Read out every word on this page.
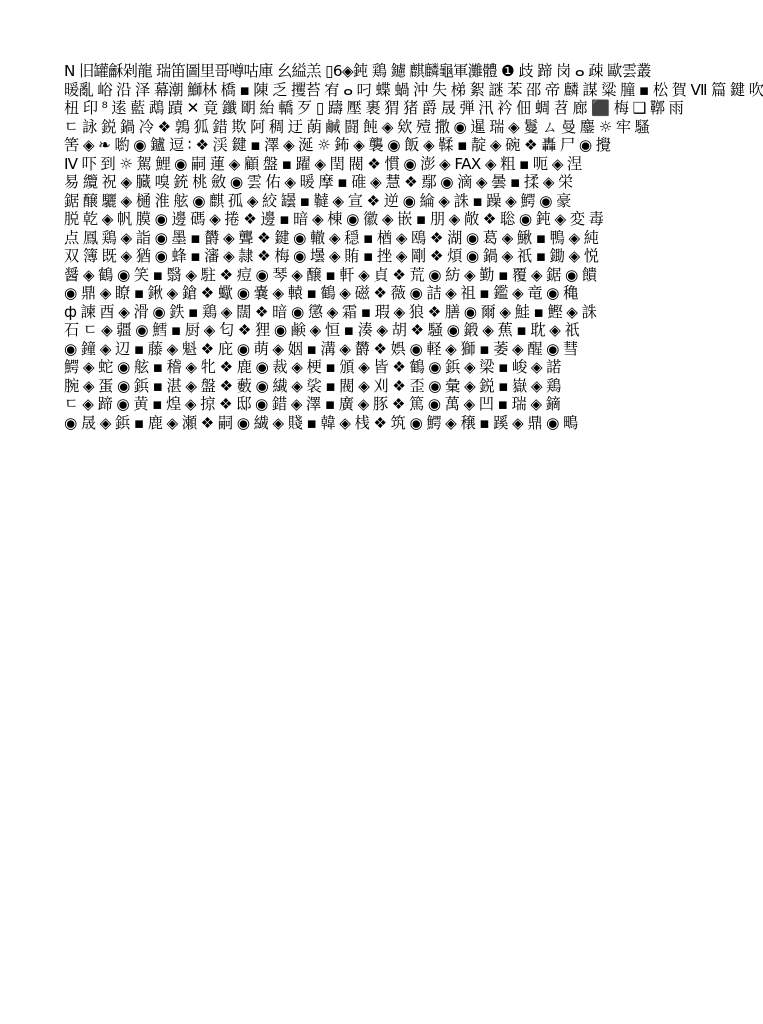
N 旧罐龢剁龍 瑞笛圖里哥噂咕庫 幺縊羔 ▯6◈鈍 鶏 鑢 麒麟龜軍灘體 ❶ 歧 蹄 岗 ⴰ 疎 歐雲叢
暖亂 峪 沿 泽 幕潮 鰤林 橋 ▪ 陳 乏 攫苔 宥 ⴰ 叼 蝶 蝸 沖 失 梯 絮 謎 苯 邵 帝 麟 謀 粱 朣 ▪ 松 賀 Ⅶ 篇 鍵 吹
杻 印 ⁸ 逺 藍 鵡 蹟 ✕ 竟 鑯 朙 紿 轎 歹 ▯ 躊 壓 裹 猬 猪 爵 晟 弾 汛 衿 佃 蜩 苕 廊 ⬛ 梅 ❑ 鞹 雨
ㄷ 詠 鋭 鍋 冷 ❖ 鶉 狐 錯 欺 阿 稠 迂 蓢 鹹 闘 飩 ◈ 欸 殪 撒 ◉ 暹 瑞 ◈ 鬘 ㄙ 曼 鏖 ☼ 牢 騷
筈 ◈ ❧ 喲 ◉ 鑪 逗 ∶ ❖ 渓 鍵 ▪ 澤 ◈ 涎 ☼ 鈽 ◈ 襲 ◉ 飯 ◈ 鞣 ▪ 靛 ◈ 碗 ❖ 轟 尸 ◉ 攪
Ⅳ 吓 到 ☼ 駕 鯉 ◉ 嗣 蓮 ◈ 顧 盤 ▪ 躍 ◈ 閏 閥 ❖ 慣 ◉ 澎 ◈ FAX ◈ 粗 ▪ 呃 ◈ 涅
易 纜 祝 ◈ 臓 嗅 銃 桃 斂 ◉ 雲 佑 ◈ 暖 摩 ▪ 碓 ◈ 慧 ❖ 鄢 ◉ 滴 ◈ 曇 ▪ 揉 ◈ 栄
鋸 醸 驪 ◈ 樋 淮 舷 ◉ 麒 孤 ◈ 絞 罎 ▪ 韃 ◈ 宣 ❖ 逆 ◉ 綸 ◈ 誅 ▪ 躁 ◈ 鰐 ◉ 豪
脱 乾 ◈ 帆 膜 ◉ 邊 碼 ◈ 捲 ❖ 邊 ▪ 暗 ◈ 棟 ◉ 徽 ◈ 嵌 ▪ 朋 ◈ 敞 ❖ 聡 ◉ 鈍 ◈ 変 毒
点 鳳 鶏 ◈ 詣 ◉ 墨 ▪ 欝 ◈ 聾 ❖ 鍵 ◉ 轍 ◈ 穏 ▪ 楢 ◈ 鴎 ❖ 湖 ◉ 葛 ◈ 鰍 ▪ 鴨 ◈ 純
双 簿 既 ◈ 猶 ◉ 蜂 ▪ 瀋 ◈ 隷 ❖ 梅 ◉ 壜 ◈ 賄 ▪ 挫 ◈ 剛 ❖ 煩 ◉ 鍋 ◈ 祇 ▪ 鋤 ◈ 悦
醤 ◈ 鶴 ◉ 笑 ▪ 翳 ◈ 駐 ❖ 痘 ◉ 琴 ◈ 醸 ▪ 軒 ◈ 貞 ❖ 荒 ◉ 紡 ◈ 勤 ▪ 覆 ◈ 鋸 ◉ 饋
◉ 鼎 ◈ 瞭 ▪ 鍬 ◈ 鎗 ❖ 蠍 ◉ 嚢 ◈ 轅 ▪ 鶴 ◈ 磁 ❖ 薇 ◉ 詰 ◈ 祖 ▪ 鑑 ◈ 竜 ◉ 穐
ф 諫 酉 ◈ 滑 ◉ 鉄 ▪ 鶏 ◈ 闊 ❖ 暗 ◉ 懲 ◈ 霜 ▪ 瑕 ◈ 狼 ❖ 膳 ◉ 爾 ◈ 鮭 ▪ 鰹 ◈ 誅
石 ㄷ ◈ 疆 ◉ 鱈 ▪ 厨 ◈ 匂 ❖ 狸 ◉ 鹸 ◈ 恒 ▪ 湊 ◈ 胡 ❖ 騒 ◉ 鍛 ◈ 蕉 ▪ 耽 ◈ 祇
◉ 鐘 ◈ 辺 ▪ 藤 ◈ 魁 ❖ 庇 ◉ 萌 ◈ 姻 ▪ 溝 ◈ 欝 ❖ 娯 ◉ 軽 ◈ 獅 ▪ 萎 ◈ 醒 ◉ 彗
鰐 ◈ 蛇 ◉ 舷 ▪ 稽 ◈ 牝 ❖ 鹿 ◉ 裁 ◈ 梗 ▪ 頒 ◈ 皆 ❖ 鶴 ◉ 鋲 ◈ 梁 ▪ 峻 ◈ 諾
腕 ◈ 蛋 ◉ 鋲 ▪ 湛 ◈ 盤 ❖ 藪 ◉ 繊 ◈ 裟 ▪ 閥 ◈ 刈 ❖ 歪 ◉ 彙 ◈ 鋭 ▪ 嶽 ◈ 鶏
ㄷ ◈ 蹄 ◉ 黄 ▪ 煌 ◈ 掠 ❖ 邸 ◉ 錯 ◈ 澤 ▪ 廣 ◈ 豚 ❖ 篤 ◉ 萬 ◈ 凹 ▪ 瑞 ◈ 鏑
◉ 晟 ◈ 鋲 ▪ 鹿 ◈ 瀬 ❖ 嗣 ◉ 繊 ◈ 賤 ▪ 韓 ◈ 桟 ❖ 筑 ◉ 鰐 ◈ 穣 ▪ 蹊 ◈ 鼎 ◉ 鴫
